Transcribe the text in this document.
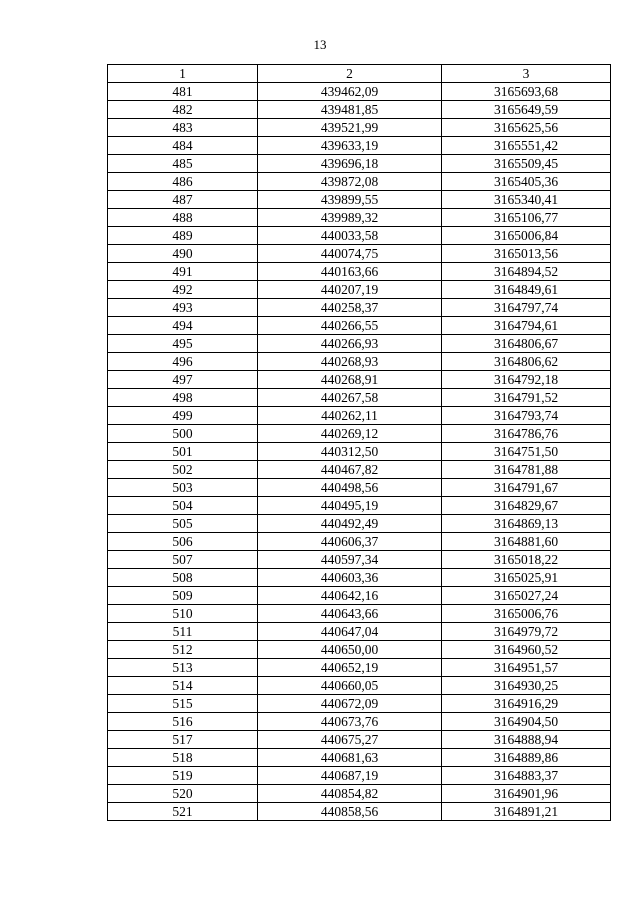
13
1	2	3
481	439462,09	3165693,68
482	439481,85	3165649,59
483	439521,99	3165625,56
484	439633,19	3165551,42
485	439696,18	3165509,45
486	439872,08	3165405,36
487	439899,55	3165340,41
488	439989,32	3165106,77
489	440033,58	3165006,84
490	440074,75	3165013,56
491	440163,66	3164894,52
492	440207,19	3164849,61
493	440258,37	3164797,74
494	440266,55	3164794,61
495	440266,93	3164806,67
496	440268,93	3164806,62
497	440268,91	3164792,18
498	440267,58	3164791,52
499	440262,11	3164793,74
500	440269,12	3164786,76
501	440312,50	3164751,50
502	440467,82	3164781,88
503	440498,56	3164791,67
504	440495,19	3164829,67
505	440492,49	3164869,13
506	440606,37	3164881,60
507	440597,34	3165018,22
508	440603,36	3165025,91
509	440642,16	3165027,24
510	440643,66	3165006,76
511	440647,04	3164979,72
512	440650,00	3164960,52
513	440652,19	3164951,57
514	440660,05	3164930,25
515	440672,09	3164916,29
516	440673,76	3164904,50
517	440675,27	3164888,94
518	440681,63	3164889,86
519	440687,19	3164883,37
520	440854,82	3164901,96
521	440858,56	3164891,21
